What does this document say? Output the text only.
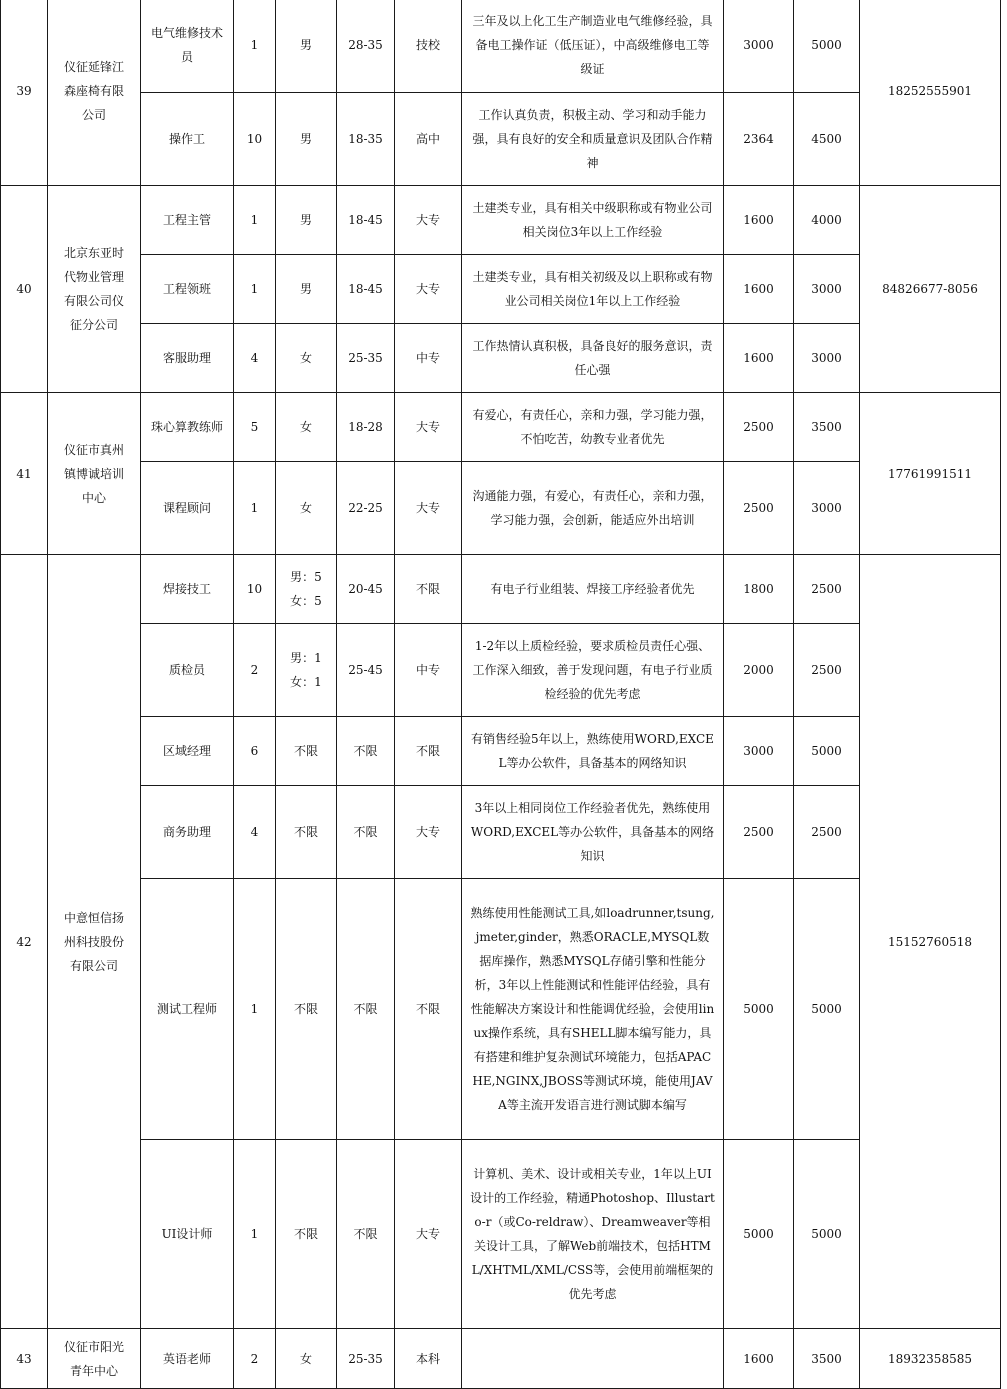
39	仪征延锋江森座椅有限公司	电气维修技术员	1	男	28-35	技校	三年及以上化工生产制造业电气维修经验，具备电工操作证（低压证），中高级维修电工等级证	3000	5000	18252555901
		操作工	10	男	18-35	高中	工作认真负责，积极主动、学习和动手能力强，具有良好的安全和质量意识及团队合作精神	2364	4500	
40	北京东亚时代物业管理有限公司仪征分公司	工程主管	1	男	18-45	大专	土建类专业，具有相关中级职称或有物业公司相关岗位3年以上工作经验	1600	4000	84826677-8056
		工程领班	1	男	18-45	大专	土建类专业，具有相关初级及以上职称或有物业公司相关岗位1年以上工作经验	1600	3000	
		客服助理	4	女	25-35	中专	工作热情认真积极，具备良好的服务意识，责任心强	1600	3000	
41	仪征市真州镇博诚培训中心	珠心算教练师	5	女	18-28	大专	有爱心，有责任心，亲和力强，学习能力强，不怕吃苦，幼教专业者优先	2500	3500	17761991511
		课程顾问	1	女	22-25	大专	沟通能力强，有爱心，有责任心，亲和力强，学习能力强，会创新，能适应外出培训	2500	3000	
42	中意恒信扬州科技股份有限公司	焊接技工	10	男：5 女：5	20-45	不限	有电子行业组装、焊接工序经验者优先	1800	2500	15152760518
		质检员	2	男：1 女：1	25-45	中专	1-2年以上质检经验，要求质检员责任心强、工作深入细致，善于发现问题，有电子行业质检经验的优先考虑	2000	2500	
		区域经理	6	不限	不限	不限	有销售经验5年以上，熟练使用WORD,EXCEL等办公软件，具备基本的网络知识	3000	5000	
		商务助理	4	不限	不限	大专	3年以上相同岗位工作经验者优先，熟练使用WORD,EXCEL等办公软件，具备基本的网络知识	2500	2500	
		测试工程师	1	不限	不限	不限	熟练使用性能测试工具,如loadrunner,tsung,jmeter,ginder，熟悉ORACLE,MYSQL数据库操作，熟悉MYSQL存储引擎和性能分析，3年以上性能测试和性能评估经验，具有性能解决方案设计和性能调优经验，会使用linux操作系统，具有SHELL脚本编写能力，具有搭建和维护复杂测试环境能力，包括APACHE,NGINX,JBOSS等测试环境，能使用JAVA等主流开发语言进行测试脚本编写	5000	5000	
		UI设计师	1	不限	不限	大专	计算机、美术、设计或相关专业，1年以上UI设计的工作经验，精通Photoshop、Illustarto-r（或Co-reldraw）、Dreamweaver等相关设计工具，了解Web前端技术，包括HTML/XHTML/XML/CSS等，会使用前端框架的优先考虑	5000	5000	
43	仪征市阳光青年中心	英语老师	2	女	25-35	本科		1600	3500	18932358585
